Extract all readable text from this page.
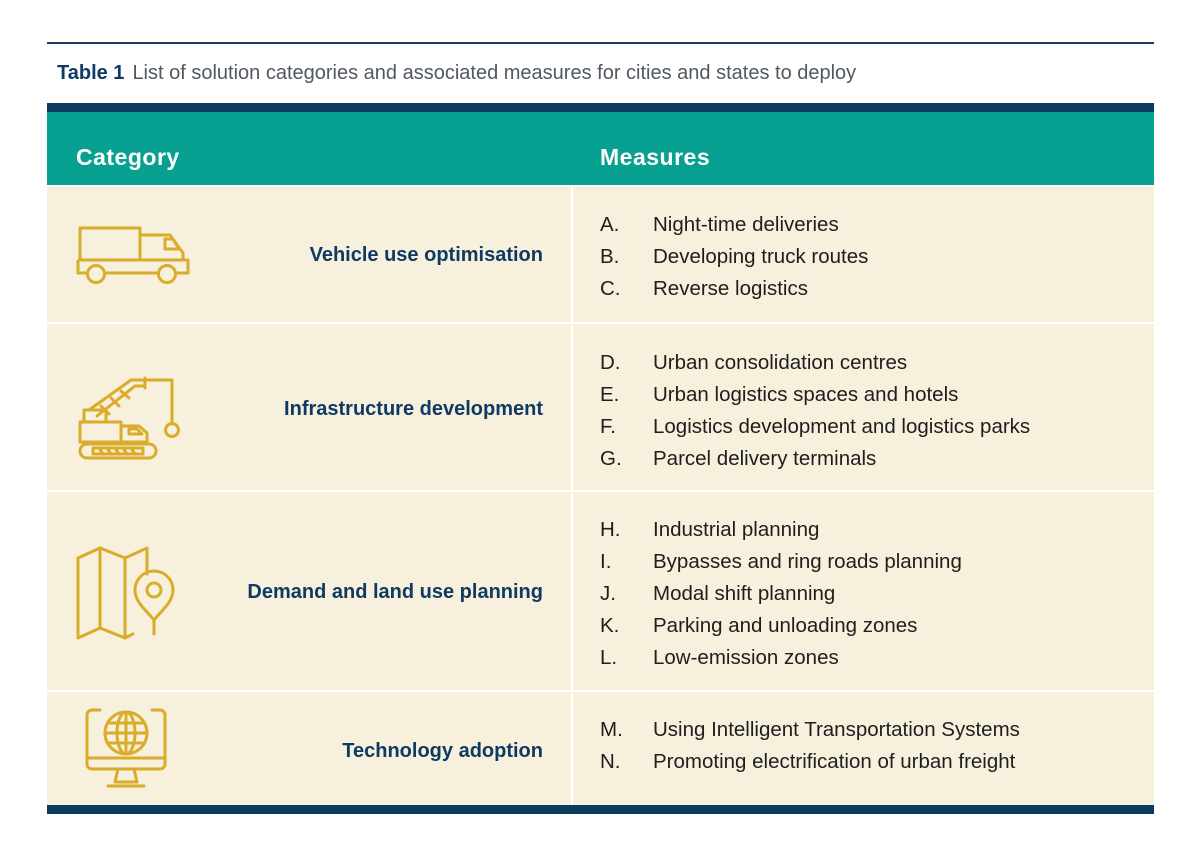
Table 1 List of solution categories and associated measures for cities and states to deploy
Category	Measures
Vehicle use optimisation
A.	Night-time deliveries
B.	Developing truck routes
C.	Reverse logistics
Infrastructure development
D.	Urban consolidation centres
E.	Urban logistics spaces and hotels
F.	Logistics development and logistics parks
G.	Parcel delivery terminals
Demand and land use planning
H.	Industrial planning
I.	Bypasses and ring roads planning
J.	Modal shift planning
K.	Parking and unloading zones
L.	Low-emission zones
Technology adoption
M.	Using Intelligent Transportation Systems
N.	Promoting electrification of urban freight
